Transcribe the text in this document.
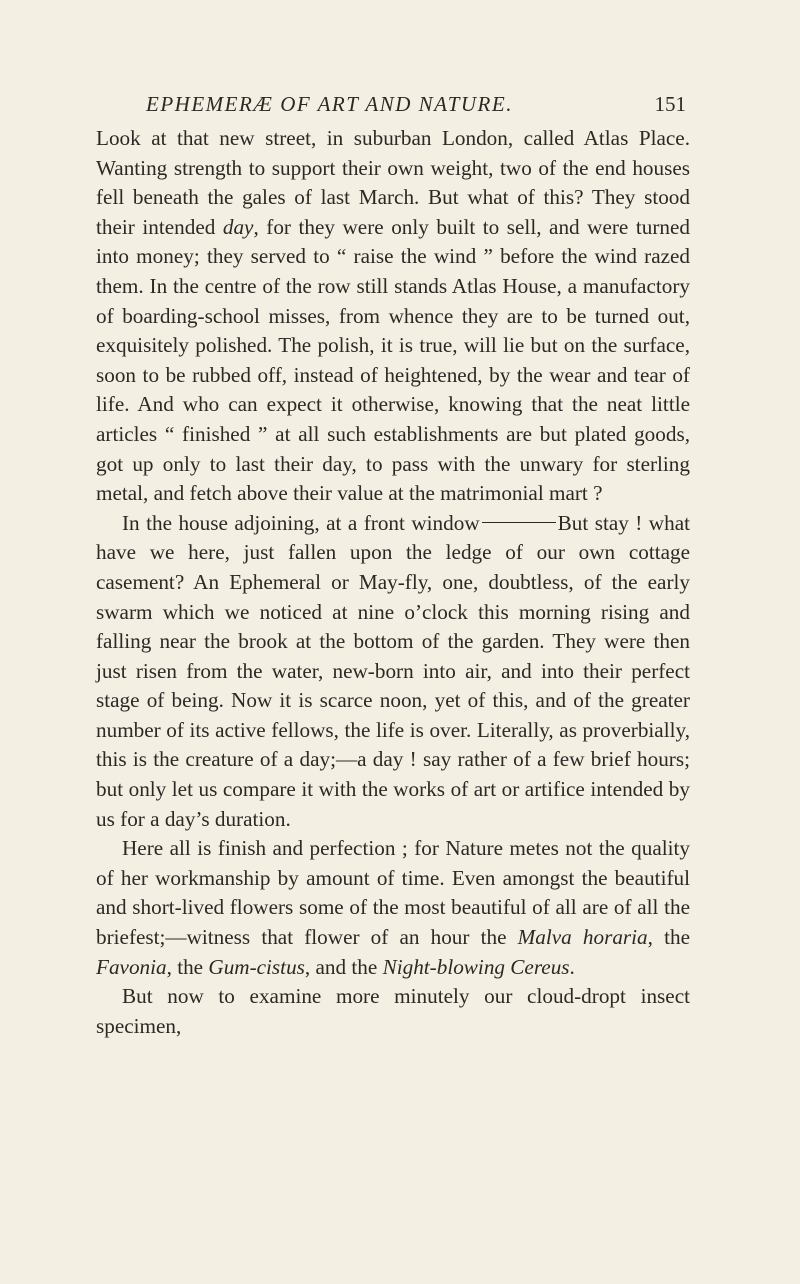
EPHEMERÆ OF ART AND NATURE.	151

Look at that new street, in suburban London, called Atlas Place. Wanting strength to support their own weight, two of the end houses fell beneath the gales of last March. But what of this? They stood their intended day, for they were only built to sell, and were turned into money; they served to “ raise the wind ” before the wind razed them. In the centre of the row still stands Atlas House, a manufactory of boarding-school misses, from whence they are to be turned out, exquisitely polished. The polish, it is true, will lie but on the surface, soon to be rubbed off, instead of heightened, by the wear and tear of life. And who can expect it otherwise, knowing that the neat little articles “ finished ” at all such establishments are but plated goods, got up only to last their day, to pass with the unwary for sterling metal, and fetch above their value at the matrimonial mart ?

In the house adjoining, at a front window	But stay ! what have we here, just fallen upon the ledge of our own cottage casement? An Ephemeral or May-fly, one, doubtless, of the early swarm which we noticed at nine o’clock this morning rising and falling near the brook at the bottom of the garden. They were then just risen from the water, new-born into air, and into their perfect stage of being. Now it is scarce noon, yet of this, and of the greater number of its active fellows, the life is over. Literally, as proverbially, this is the creature of a day;—a day ! say rather of a few brief hours; but only let us compare it with the works of art or artifice intended by us for a day’s duration.

Here all is finish and perfection ; for Nature metes not the quality of her workmanship by amount of time. Even amongst the beautiful and short-lived flowers some of the most beautiful of all are of all the briefest;—witness that flower of an hour the Malva horaria, the Favonia, the Gum-cistus, and the Night-blowing Cereus.

But now to examine more minutely our cloud-dropt insect specimen,
